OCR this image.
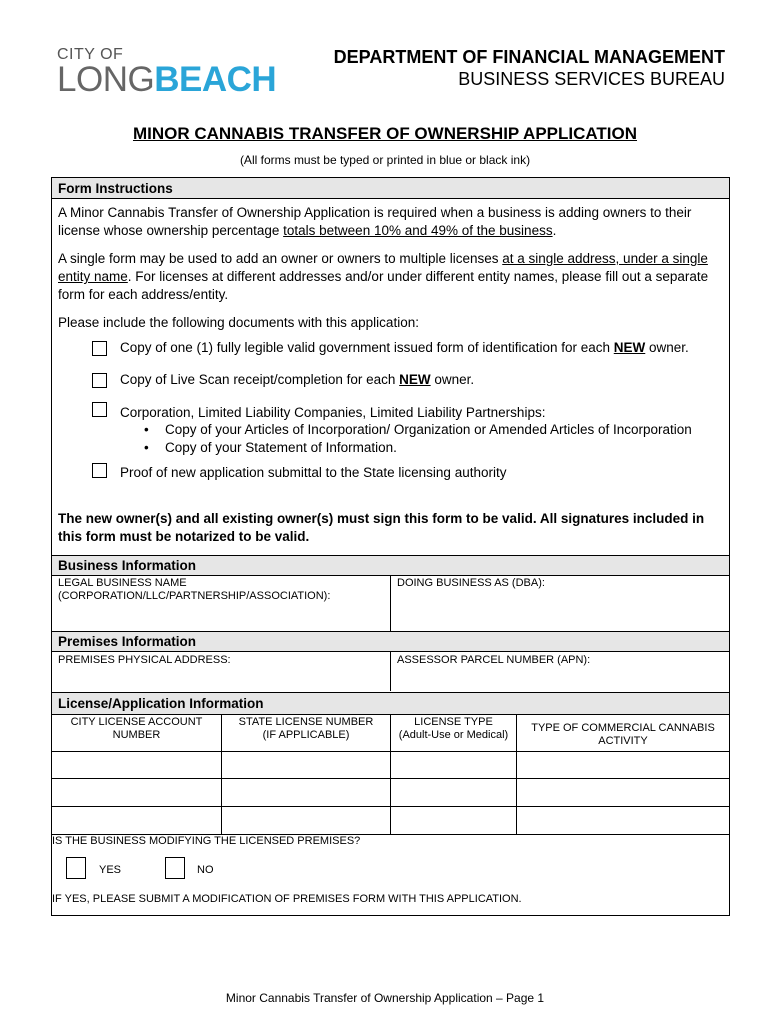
CITY OF
LONGBEACH
DEPARTMENT OF FINANCIAL MANAGEMENT
BUSINESS SERVICES BUREAU
MINOR CANNABIS TRANSFER OF OWNERSHIP APPLICATION
(All forms must be typed or printed in blue or black ink)
Form Instructions
A Minor Cannabis Transfer of Ownership Application is required when a business is adding owners to their license whose ownership percentage totals between 10% and 49% of the business.
A single form may be used to add an owner or owners to multiple licenses at a single address, under a single entity name. For licenses at different addresses and/or under different entity names, please fill out a separate form for each address/entity.
Please include the following documents with this application:
Copy of one (1) fully legible valid government issued form of identification for each NEW owner.
Copy of Live Scan receipt/completion for each NEW owner.
Corporation, Limited Liability Companies, Limited Liability Partnerships:
• Copy of your Articles of Incorporation/ Organization or Amended Articles of Incorporation
• Copy of your Statement of Information.
Proof of new application submittal to the State licensing authority
The new owner(s) and all existing owner(s) must sign this form to be valid. All signatures included in this form must be notarized to be valid.
Business Information
LEGAL BUSINESS NAME
(CORPORATION/LLC/PARTNERSHIP/ASSOCIATION):
DOING BUSINESS AS (DBA):
Premises Information
PREMISES PHYSICAL ADDRESS:	ASSESSOR PARCEL NUMBER (APN):
License/Application Information
CITY LICENSE ACCOUNT
NUMBER
STATE LICENSE NUMBER
(IF APPLICABLE)
LICENSE TYPE
(Adult-Use or Medical)
TYPE OF COMMERCIAL CANNABIS
ACTIVITY
IS THE BUSINESS MODIFYING THE LICENSED PREMISES?
YES	NO
IF YES, PLEASE SUBMIT A MODIFICATION OF PREMISES FORM WITH THIS APPLICATION.
Minor Cannabis Transfer of Ownership Application – Page 1
